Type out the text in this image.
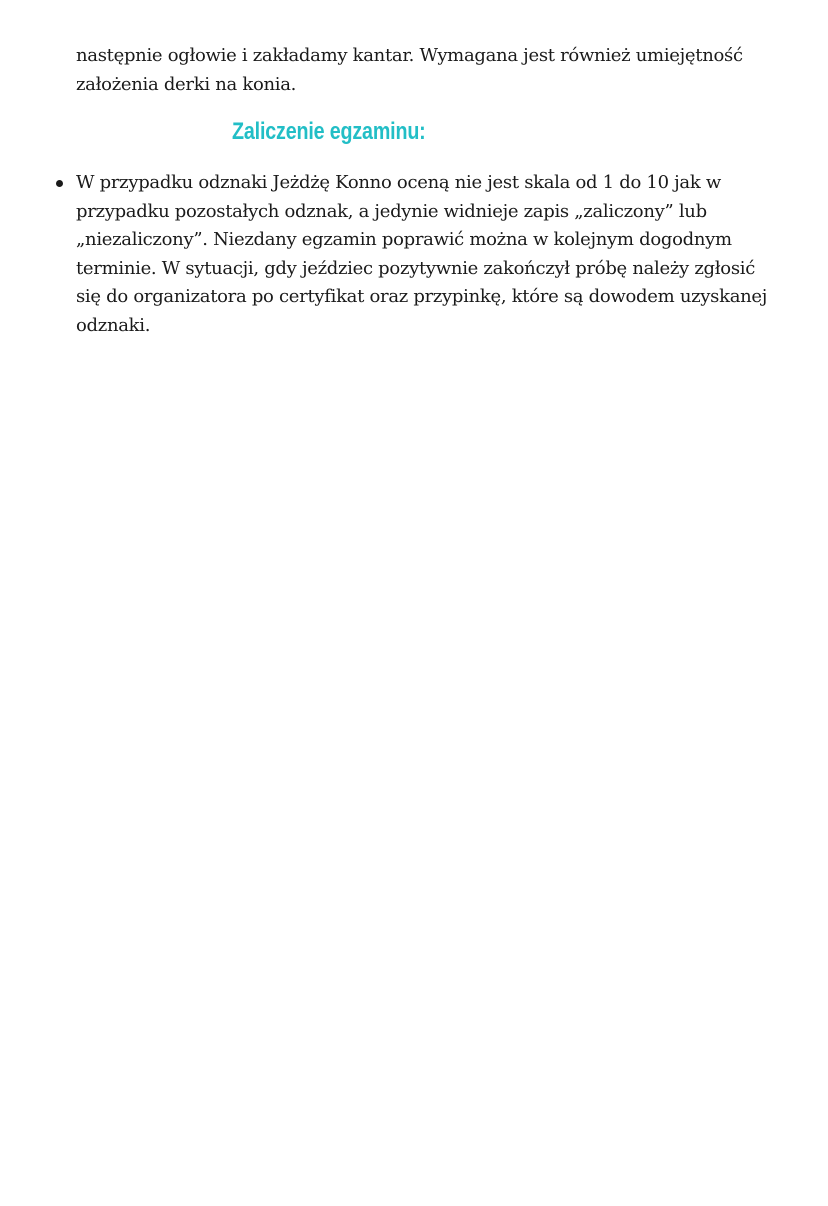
następnie ogłowie i zakładamy kantar. Wymagana jest również umiejętność
założenia derki na konia.
Zaliczenie egzaminu:
W przypadku odznaki Jeżdżę Konno oceną nie jest skala od 1 do 10 jak w
przypadku pozostałych odznak, a jedynie widnieje zapis „zaliczony” lub
„niezaliczony”. Niezdany egzamin poprawić można w kolejnym dogodnym
terminie. W sytuacji, gdy jeździec pozytywnie zakończył próbę należy zgłosić
się do organizatora po certyfikat oraz przypinkę, które są dowodem uzyskanej
odznaki.
